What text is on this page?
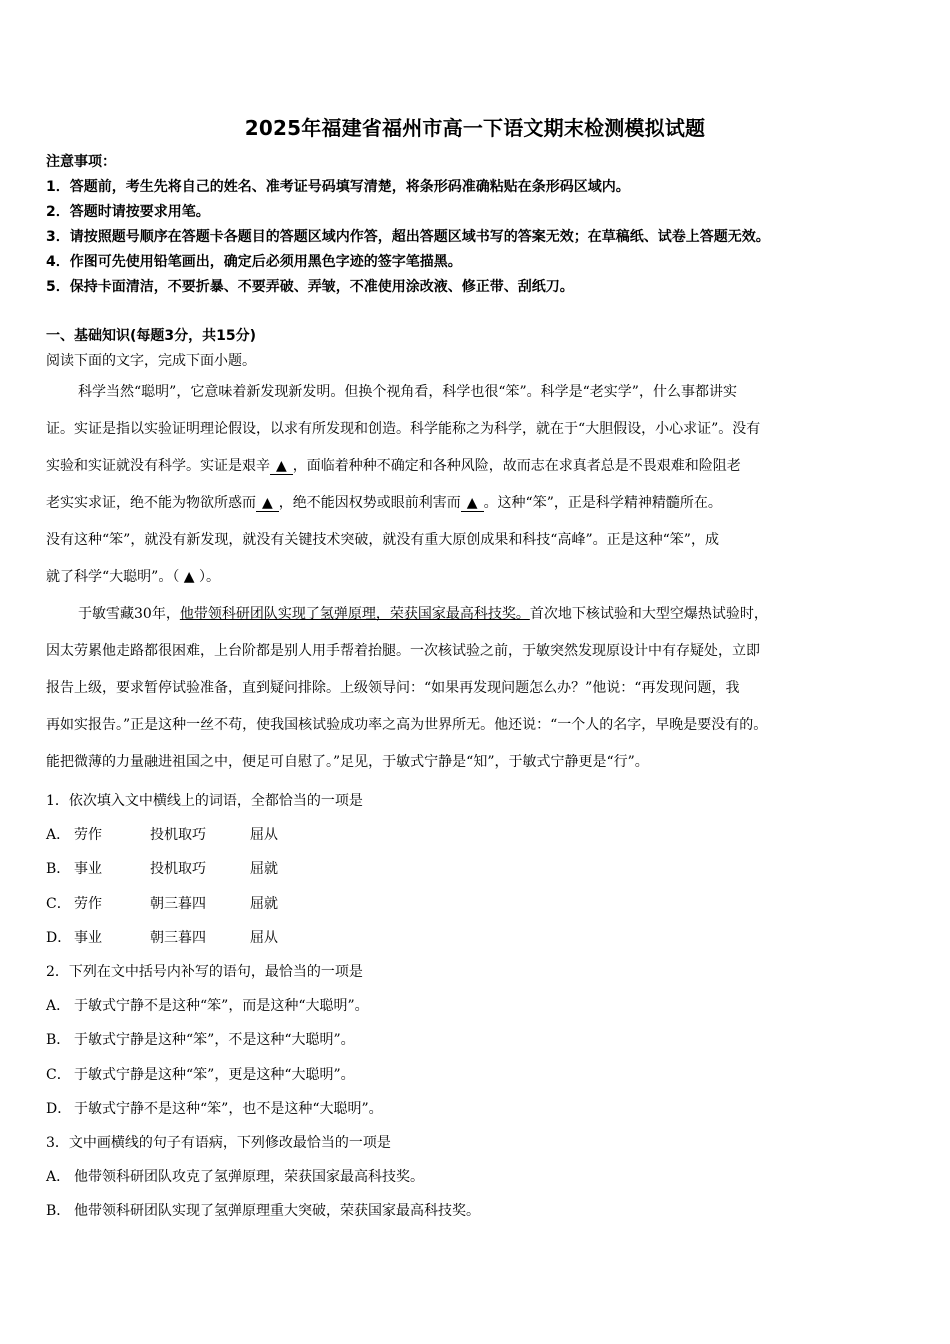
2025年福建省福州市高一下语文期末检测模拟试题
注意事项：
1．答题前，考生先将自己的姓名、准考证号码填写清楚，将条形码准确粘贴在条形码区域内。
2．答题时请按要求用笔。
3．请按照题号顺序在答题卡各题目的答题区域内作答，超出答题区域书写的答案无效；在草稿纸、试卷上答题无效。
4．作图可先使用铅笔画出，确定后必须用黑色字迹的签字笔描黑。
5．保持卡面清洁，不要折暴、不要弄破、弄皱，不准使用涂改液、修正带、刮纸刀。
一、基础知识(每题3分，共15分)
阅读下面的文字，完成下面小题。
科学当然“聪明”，它意味着新发现新发明。但换个视角看，科学也很“笨”。科学是“老实学”，什么事都讲实
证。实证是指以实验证明理论假设，以求有所发现和创造。科学能称之为科学，就在于“大胆假设，小心求证”。没有
实验和实证就没有科学。实证是艰辛 ▲ ，面临着种种不确定和各种风险，故而志在求真者总是不畏艰难和险阻老
老实实求证，绝不能为物欲所惑而 ▲ ，绝不能因权势或眼前利害而 ▲ 。这种“笨”，正是科学精神精髓所在。
没有这种“笨”，就没有新发现，就没有关键技术突破，就没有重大原创成果和科技“高峰”。正是这种“笨”，成
就了科学“大聪明”。（ ▲ ）。
于敏雪藏30年，他带领科研团队实现了氢弹原理，荣获国家最高科技奖。首次地下核试验和大型空爆热试验时，
因太劳累他走路都很困难，上台阶都是别人用手帮着抬腿。一次核试验之前，于敏突然发现原设计中有存疑处，立即
报告上级，要求暂停试验准备，直到疑问排除。上级领导问：“如果再发现问题怎么办？”他说：“再发现问题，我
再如实报告。”正是这种一丝不苟，使我国核试验成功率之高为世界所无。他还说：“一个人的名字，早晚是要没有的。
能把微薄的力量融进祖国之中，便足可自慰了。”足见，于敏式宁静是“知”，于敏式宁静更是“行”。
1．依次填入文中横线上的词语，全都恰当的一项是
A． 劳作	投机取巧	屈从
B． 事业	投机取巧	屈就
C． 劳作	朝三暮四	屈就
D． 事业	朝三暮四	屈从
2．下列在文中括号内补写的语句，最恰当的一项是
A． 于敏式宁静不是这种“笨”，而是这种“大聪明”。
B． 于敏式宁静是这种“笨”，不是这种“大聪明”。
C． 于敏式宁静是这种“笨”，更是这种“大聪明”。
D． 于敏式宁静不是这种“笨”，也不是这种“大聪明”。
3．文中画横线的句子有语病，下列修改最恰当的一项是
A． 他带领科研团队攻克了氢弹原理，荣获国家最高科技奖。
B． 他带领科研团队实现了氢弹原理重大突破，荣获国家最高科技奖。
